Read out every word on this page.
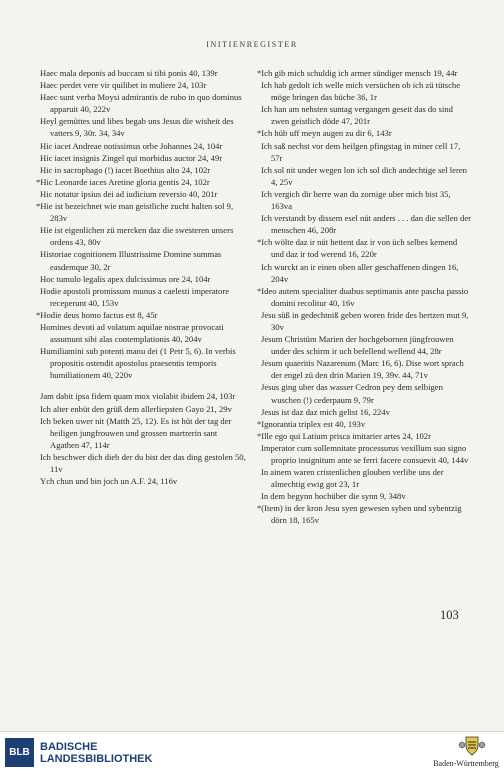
INITIENREGISTER

Haec mala deponis ad buccam si tibi ponis 40, 139r

Haec perdet vere vir quilibet in muliere 24, 103r

Haec sunt verba Moysi admirantis de rubo in quo dominus apparuit 40, 222v

Heyl gemüttes und libes begab uns Jesus die wisheit des vatters 9, 30r. 34, 34v

Hic iacet Andreae notissimus orbe Johannes 24, 104r

Hic iacet insignis Zingel qui morbidus auctor 24, 49r

Hic in sacrophago (!) iacet Boethius alto 24, 102r

*Hic Leonarde iaces Aretine gloria gentis 24, 102r

Hic notatur ipsius dei ad iudicium reversio 40, 201r

*Hie ist bezeichnet wie man geistliche zucht halten sol 9, 283v

Hie ist eigenlichen zü mercken daz die swesteren unsers ordens 43, 80v

Historiae cognitionem Illustrissime Domine summas easdemque 30, 2r

Hoc tumulo legalis apex dulcissimus ore 24, 104r

Hodie apostoli promissum munus a caelesti imperatore receperunt 40, 153v

*Hodie deus homo factus est 8, 45r

Homines devoti ad volatum aquilae nostrae provocati assumunt sibi alas contemplationis 40, 204v

Humiliamini sub potenti manu dei (1 Petr 5, 6). In verbis propositis ostendit apostolus praesentis temporis humiliationem 40, 220v

Jam dabit ipsa fidem quam mox violabit ibidem 24, 103r

Ich alter enbüt den grüß dem allerliepsten Gayo 21, 29v

Ich beken uwer nit (Matth 25, 12). Es ist hüt der tag der heiligen jungfrouwen und grossen martrerin sant Agathen 47, 114r

Ich beschwer dich dieb der du bist der das ding gestolen 50, 11v

Ych chun und bin joch un A.F. 24, 116v

*Ich gib mich schuldig ich armer sündiger mensch 19, 44r

Ich hab gedolt ich welle mich versüchen ob ich zü tütsche möge bringen das büche 36, 1r

Ich han am nehsten suntag vergangen geseit das do sind zwen geistlich döde 47, 201r

*Ich hüb uff meyn augen zu dir 6, 143r

Ich saß nechst vor dem heilgen pfingstag in miner cell 17, 57r

Ich sol nit under wegen lon ich sol dich andechtige sel leren 4, 25v

Ich vergich dir herre wan du zornige uber mich bist 35, 163va

Ich verstandt by dissem esel nüt anders . . . dan die sellen der menschen 46, 208r

*Ich wölte daz ir nüt hettent daz ir von üch selbes kemend und daz ir tod werend 16, 220r

Ich wurckt an ir einen oben aller geschaffenen dingen 16, 204v

*Ideo autem specialiter duabus septimanis ante pascha passio domini recolitur 40, 16v

Jesu süß in gedechtniß geben woren fride des hertzen mut 9, 30v

Jesum Christüm Marien der hochgebornen jüngfrouwen under des schirm ir uch befellend wellend 44, 28r

Jesum quaeritis Nazarenum (Marc 16, 6). Dise wort sprach der engel zü den drin Marien 19, 39v. 44, 71v

Jesus ging uber das wasser Cedron pey dem selbigen wuschen (!) cederpaum 9, 79r

Jesus ist daz daz mich gelist 16, 224v

*Ignorantia triplex est 40, 193v

*Ille ego qui Latium prisca imitarier artes 24, 102r

Imperator cum sollemnitate processurus vexillum suo signo proprio insignitum ante se ferri facere consuevit 40, 144v

In ainem waren cristenlichen glouben verlibe uns der almechtig ewig got 23, 1r

In dem begynn hochüber die synn 9, 348v

*(Item) in der kron Jesu syen gewesen syben und sybentzig dörn 18, 165v

103
BLB BADISCHE
LANDESBIBLIOTHEK	Baden-Württemberg
